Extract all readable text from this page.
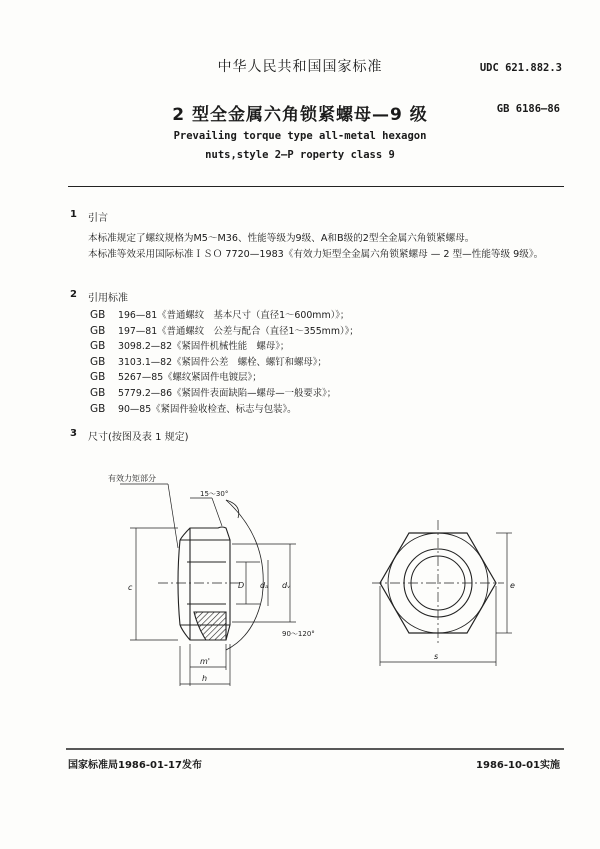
中华人民共和国国家标准	UDC 621.882.3
2 型全金属六角锁紧螺母—9 级	GB 6186—86
Prevailing torque type all-metal hexagon
nuts,style 2—P roperty class 9
1 引言

本标准规定了螺纹规格为M5～M36、性能等级为9级、A和B级的2型全金属六角锁紧螺母。

本标准等效采用国际标准ＩＳＯ 7720—1983《有效力矩型全金属六角锁紧螺母 — 2 型—性能等级 9级》。

2 引用标准
GB 196—81《普通螺纹　基本尺寸（直径1～600mm）》；
GB 197—81《普通螺纹　公差与配合（直径1～355mm）》；
GB 3098.2—82《紧固件机械性能　螺母》；
GB 3103.1—82《紧固件公差　螺栓、螺钉和螺母》；
GB 5267—85《螺纹紧固件电镀层》；
GB 5779.2—86《紧固件表面缺陷—螺母—一般要求》；
GB 90—85《紧固件验收检查、标志与包装》。
3 尺寸(按图及表 1 规定)
有效力矩部分
15～30°
90～120°
c	D dₐ dᵥ
m'
h
e
s
国家标准局1986-01-17发布	1986-10-01实施
